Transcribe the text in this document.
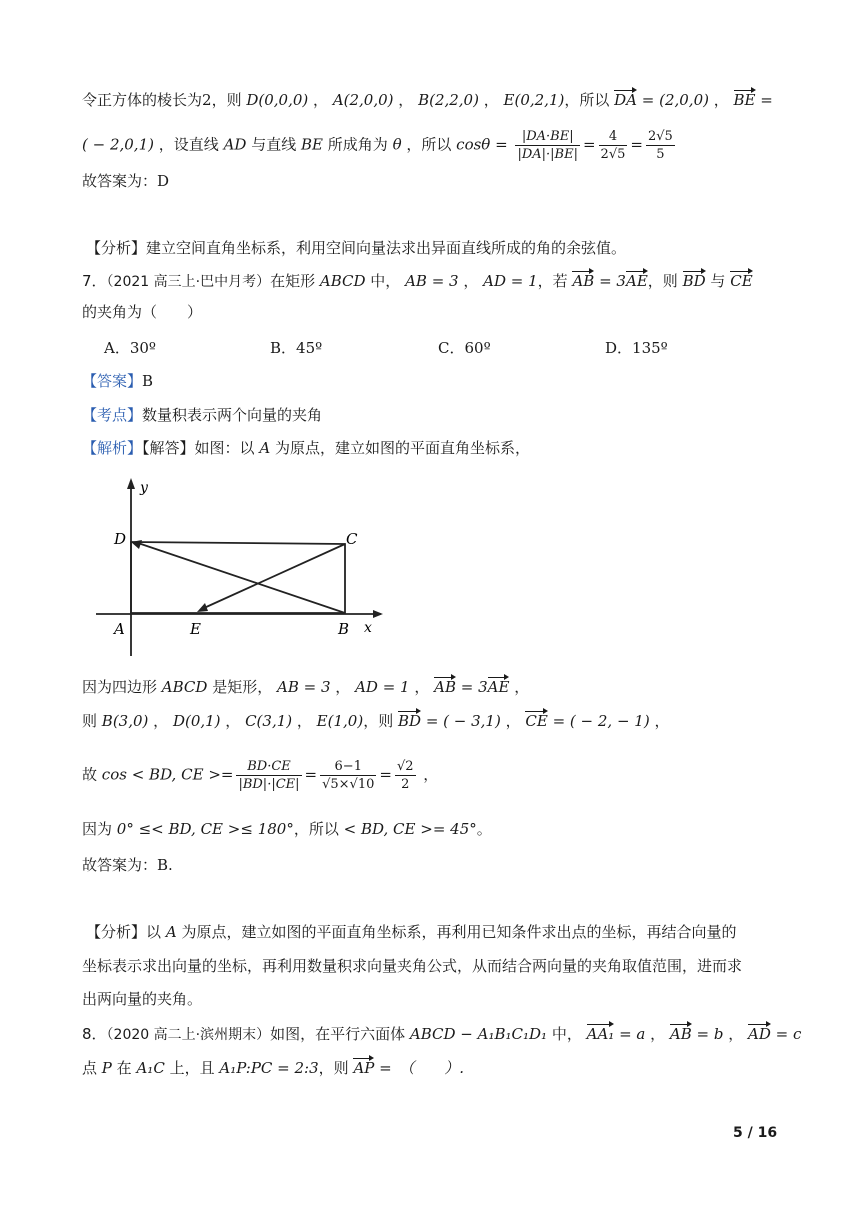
令正方体的棱长为2，则 D(0,0,0) ， A(2,0,0) ， B(2,2,0) ， E(0,2,1)，所以 DA = (2,0,0) ， BE =
( − 2,0,1) ，设直线 AD 与直线 BE 所成角为 θ ，所以 $\cos\theta = \frac{|DA\cdot BE|}{|DA|\cdot|BE|} = \frac{4}{2√5} = \frac{2√5}{5}$
故答案为：D
【分析】建立空间直角坐标系，利用空间向量法求出异面直线所成的角的余弦值。
7．（2021 高三上·巴中月考）在矩形 ABCD 中， AB = 3 ， AD = 1，若 AB = 3AE，则 BD 与 CE
的夹角为（　　）
A．30º	B．45º	C．60º	D．135º
【答案】B
【考点】数量积表示两个向量的夹角
【解析】【解答】如图：以 A 为原点，建立如图的平面直角坐标系，
y
x
D	C
A	E	B
因为四边形 ABCD 是矩形， AB = 3 ， AD = 1 ， AB = 3AE ，
则 B(3,0) ， D(0,1) ， C(3,1) ， E(1,0)，则 BD = ( − 3,1) ， CE = ( − 2, − 1) ，
故 cos < BD, CE >= $\frac{BD\cdot CE}{|BD|\cdot|CE|} = \frac{6-1}{√5\times√10} = \frac{√2}{2}$ ，
因为 0° ≤< BD, CE >≤ 180°，所以 < BD, CE >= 45°。
故答案为：B.
【分析】以 A 为原点，建立如图的平面直角坐标系，再利用已知条件求出点的坐标，再结合向量的
坐标表示求出向量的坐标，再利用数量积求向量夹角公式，从而结合两向量的夹角取值范围，进而求
出两向量的夹角。
8．（2020 高二上·滨州期末）如图，在平行六面体 ABCD − A₁B₁C₁D₁ 中， AA₁ = a ， AB = b ， AD = c
点 P 在 A₁C 上，且 A₁P:PC = 2:3，则 AP =　（　　）.
5 / 16
